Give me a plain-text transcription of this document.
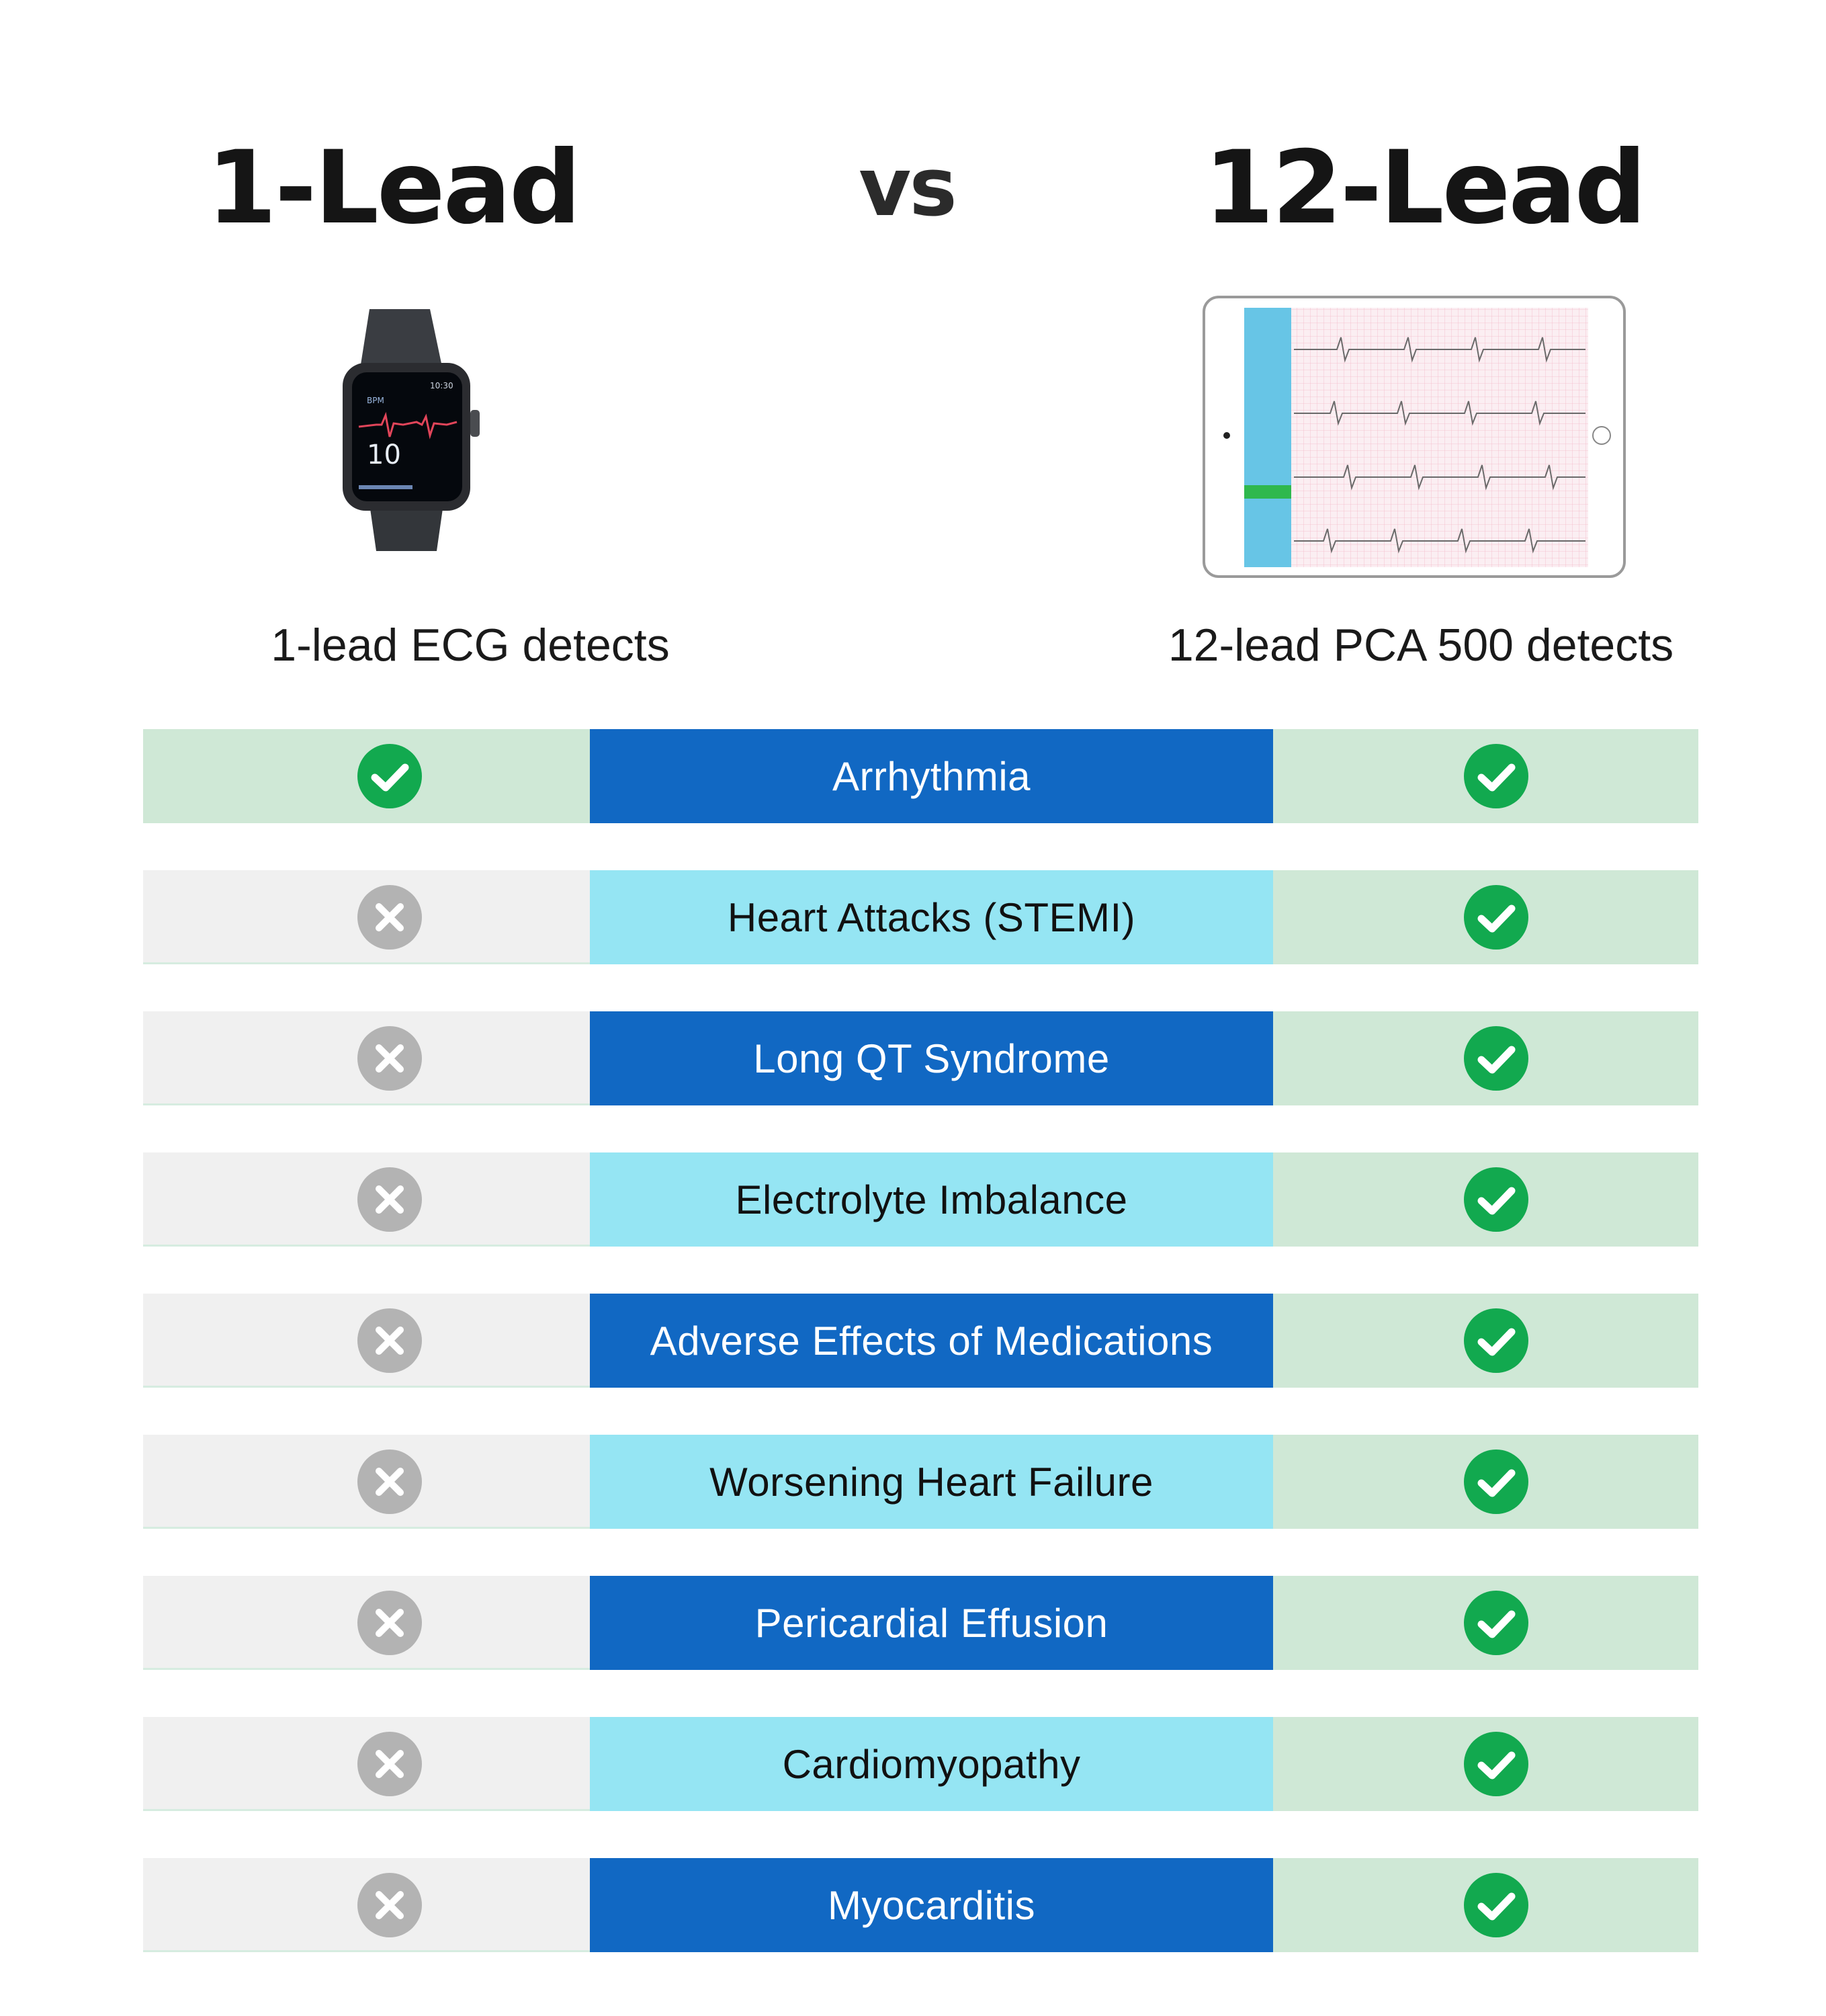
1-Lead	vs	12-Lead
BPM
10:30
10
1-lead ECG detects	12-lead PCA 500 detects
Arrhythmia
Heart Attacks (STEMI)
Long QT Syndrome
Electrolyte Imbalance
Adverse Effects of Medications
Worsening Heart Failure
Pericardial Effusion
Cardiomyopathy
Myocarditis
